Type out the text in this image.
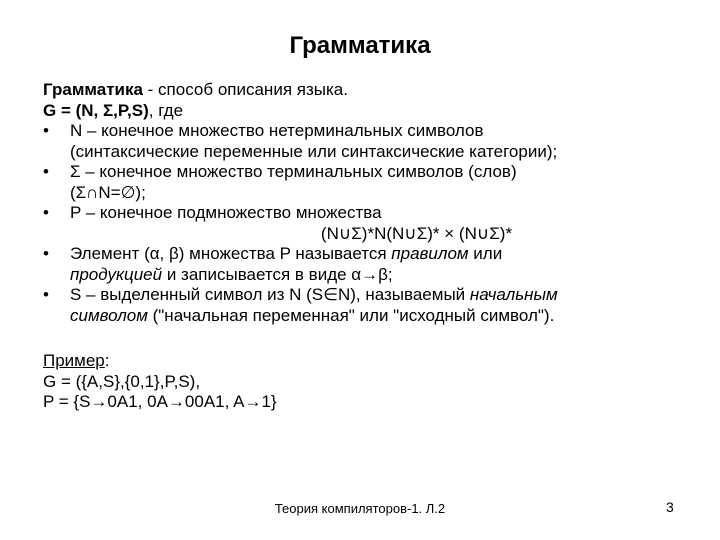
Грамматика
Грамматика - способ описания языка.
G = (N, Σ,P,S), где
•	N – конечное множество нетерминальных символов
(синтаксические переменные или синтаксические категории);
•	Σ – конечное множество терминальных символов (слов)
(Σ∩N=∅);
•	P – конечное подмножество множества
(N∪Σ)*N(N∪Σ)* × (N∪Σ)*
•	Элемент (α, β) множества P называется правилом или
продукцией и записывается в виде α→β;
•	S – выделенный символ из N (S∈N), называемый начальным
символом ("начальная переменная" или "исходный символ").
Пример:
G = ({A,S},{0,1},P,S),
P = {S→0A1, 0A→00A1, A→1}
Теория компиляторов-1. Л.2	3
